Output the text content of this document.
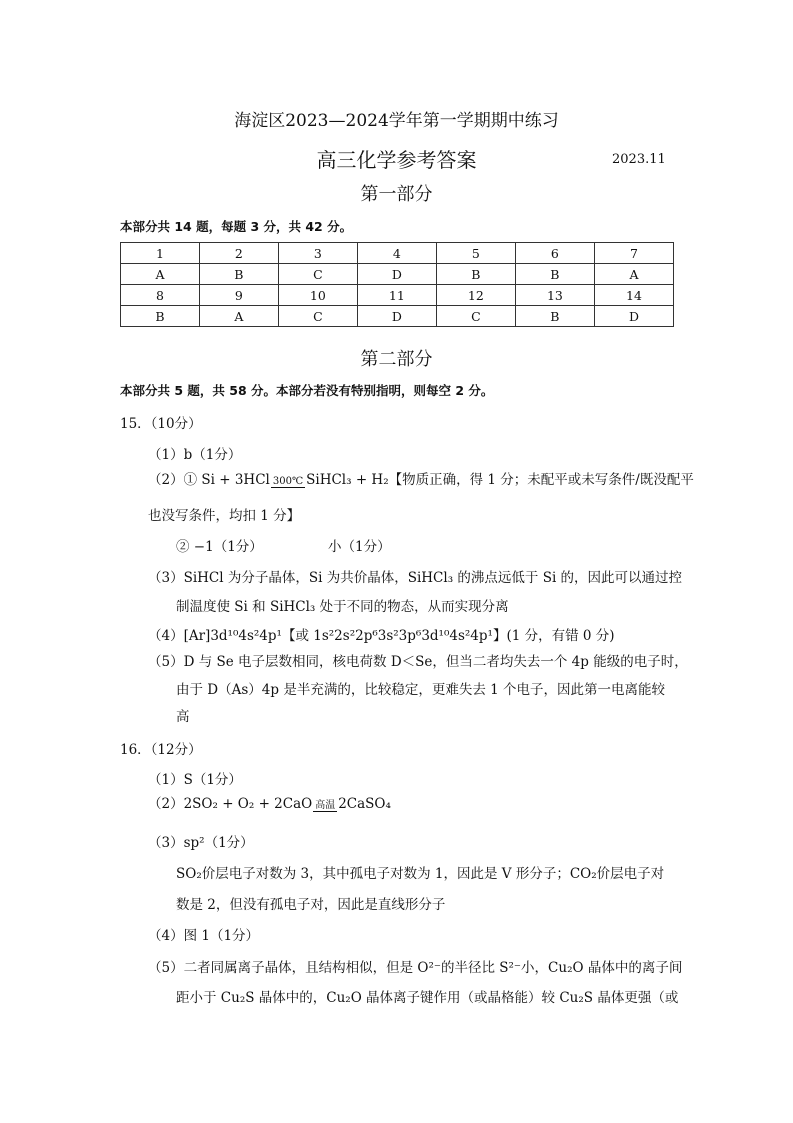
海淀区2023—2024学年第一学期期中练习
高三化学参考答案	2023.11
第一部分
本部分共 14 题，每题 3 分，共 42 分。
1	2	3	4	5	6	7
A	B	C	D	B	B	A
8	9	10	11	12	13	14
B	A	C	D	C	B	D
第二部分
本部分共 5 题，共 58 分。本部分若没有特别指明，则每空 2 分。
15．（10分）
（1）b（1分）
（2）① Si + 3HCl 300℃ SiHCl₃ + H₂【物质正确，得 1 分；未配平或未写条件/既没配平
也没写条件，均扣 1 分】
② −1（1分）	小（1分）
（3）SiHCl 为分子晶体，Si 为共价晶体，SiHCl₃ 的沸点远低于 Si 的，因此可以通过控
制温度使 Si 和 SiHCl₃ 处于不同的物态，从而实现分离
（4）[Ar]3d¹⁰4s²4p¹【或 1s²2s²2p⁶3s²3p⁶3d¹⁰4s²4p¹】(1 分，有错 0 分)
（5）D 与 Se 电子层数相同，核电荷数 D＜Se，但当二者均失去一个 4p 能级的电子时，
由于 D（As）4p 是半充满的，比较稳定，更难失去 1 个电子，因此第一电离能较
高
16．（12分）
（1）S（1分）
（2）2SO₂ + O₂ + 2CaO 高温 2CaSO₄
（3）sp²（1分）
SO₂价层电子对数为 3，其中孤电子对数为 1，因此是 V 形分子；CO₂价层电子对
数是 2，但没有孤电子对，因此是直线形分子
（4）图 1（1分）
（5）二者同属离子晶体，且结构相似，但是 O²⁻的半径比 S²⁻小，Cu₂O 晶体中的离子间
距小于 Cu₂S 晶体中的，Cu₂O 晶体离子键作用（或晶格能）较 Cu₂S 晶体更强（或
